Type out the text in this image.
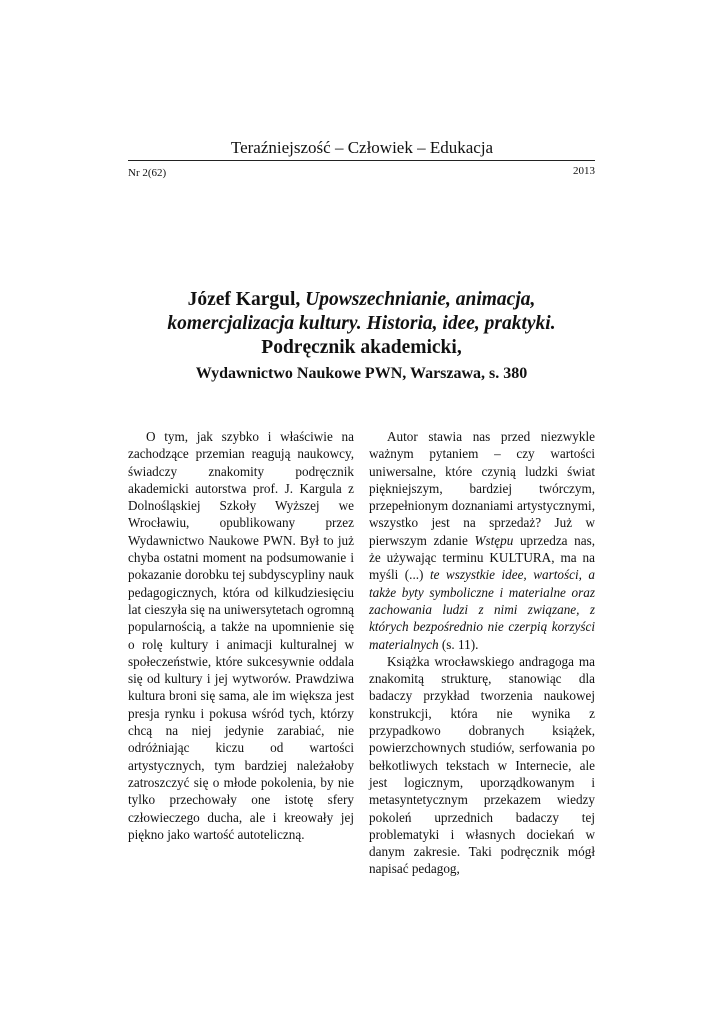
Teraźniejszość – Człowiek – Edukacja
Nr 2(62)	2013
Józef Kargul, Upowszechnianie, animacja,
komercjalizacja kultury. Historia, idee, praktyki.
Podręcznik akademicki,
Wydawnictwo Naukowe PWN, Warszawa, s. 380

O tym, jak szybko i właściwie na zachodzące przemian reagują naukowcy, świadczy znakomity podręcznik akademicki autorstwa prof. J. Kargula z Dolnośląskiej Szkoły Wyższej we Wrocławiu, opublikowany przez Wydawnictwo Naukowe PWN. Był to już chyba ostatni moment na podsumowanie i pokazanie dorobku tej subdyscypliny nauk pedagogicznych, która od kilkudziesięciu lat cieszyła się na uniwersytetach ogromną popularnością, a także na upomnienie się o rolę kultury i animacji kulturalnej w społeczeństwie, które sukcesywnie oddala się od kultury i jej wytworów. Prawdziwa kultura broni się sama, ale im większa jest presja rynku i pokusa wśród tych, którzy chcą na niej jedynie zarabiać, nie odróżniając kiczu od wartości artystycznych, tym bardziej należałoby zatroszczyć się o młode pokolenia, by nie tylko przechowały one istotę sfery człowieczego ducha, ale i kreowały jej piękno jako wartość autoteliczną.

Autor stawia nas przed niezwykle ważnym pytaniem – czy wartości uniwersalne, które czynią ludzki świat piękniejszym, bardziej twórczym, przepełnionym doznaniami artystycznymi, wszystko jest na sprzedaż? Już w pierwszym zdanie Wstępu uprzedza nas, że używając terminu KULTURA, ma na myśli (...) te wszystkie idee, wartości, a także byty symboliczne i materialne oraz zachowania ludzi z nimi związane, z których bezpośrednio nie czerpią korzyści materialnych (s. 11).

Książka wrocławskiego andragoga ma znakomitą strukturę, stanowiąc dla badaczy przykład tworzenia naukowej konstrukcji, która nie wynika z przypadkowo dobranych książek, powierzchownych studiów, serfowania po bełkotliwych tekstach w Internecie, ale jest logicznym, uporządkowanym i metasyntetycznym przekazem wiedzy pokoleń uprzednich badaczy tej problematyki i własnych dociekań w danym zakresie. Taki podręcznik mógł napisać pedagog,
